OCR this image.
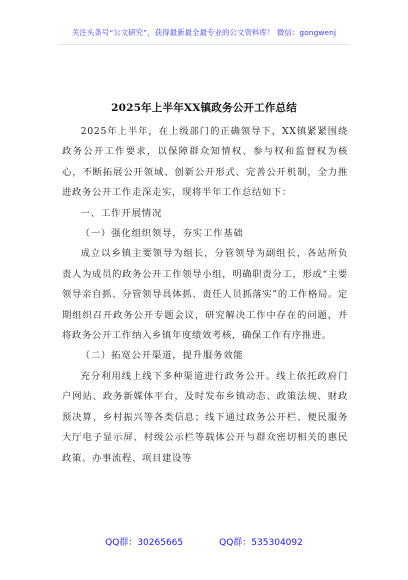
关注头条号“公文研究”，获得最新最全最专业的公文资料库！ 微信：gongwenj
2025年上半年XX镇政务公开工作总结

2025年上半年，在上级部门的正确领导下，XX镇紧紧围绕政务公开工作要求，以保障群众知情权、参与权和监督权为核心，不断拓展公开领域、创新公开形式、完善公开机制，全力推进政务公开工作走深走实，现将半年工作总结如下：

一、工作开展情况

（一）强化组织领导，夯实工作基础

成立以乡镇主要领导为组长，分管领导为副组长，各站所负责人为成员的政务公开工作领导小组，明确职责分工，形成“主要领导亲自抓、分管领导具体抓、责任人员抓落实”的工作格局。定期组织召开政务公开专题会议，研究解决工作中存在的问题，并将政务公开工作纳入乡镇年度绩效考核，确保工作有序推进。

（二）拓宽公开渠道，提升服务效能

充分利用线上线下多种渠道进行政务公开。线上依托政府门户网站、政务新媒体平台，及时发布乡镇动态、政策法规、财政预决算、乡村振兴等各类信息；线下通过政务公开栏、便民服务大厅电子显示屏、村级公示栏等载体公开与群众密切相关的惠民政策、办事流程、项目建设等

QQ群：30265665	QQ群：535304092
